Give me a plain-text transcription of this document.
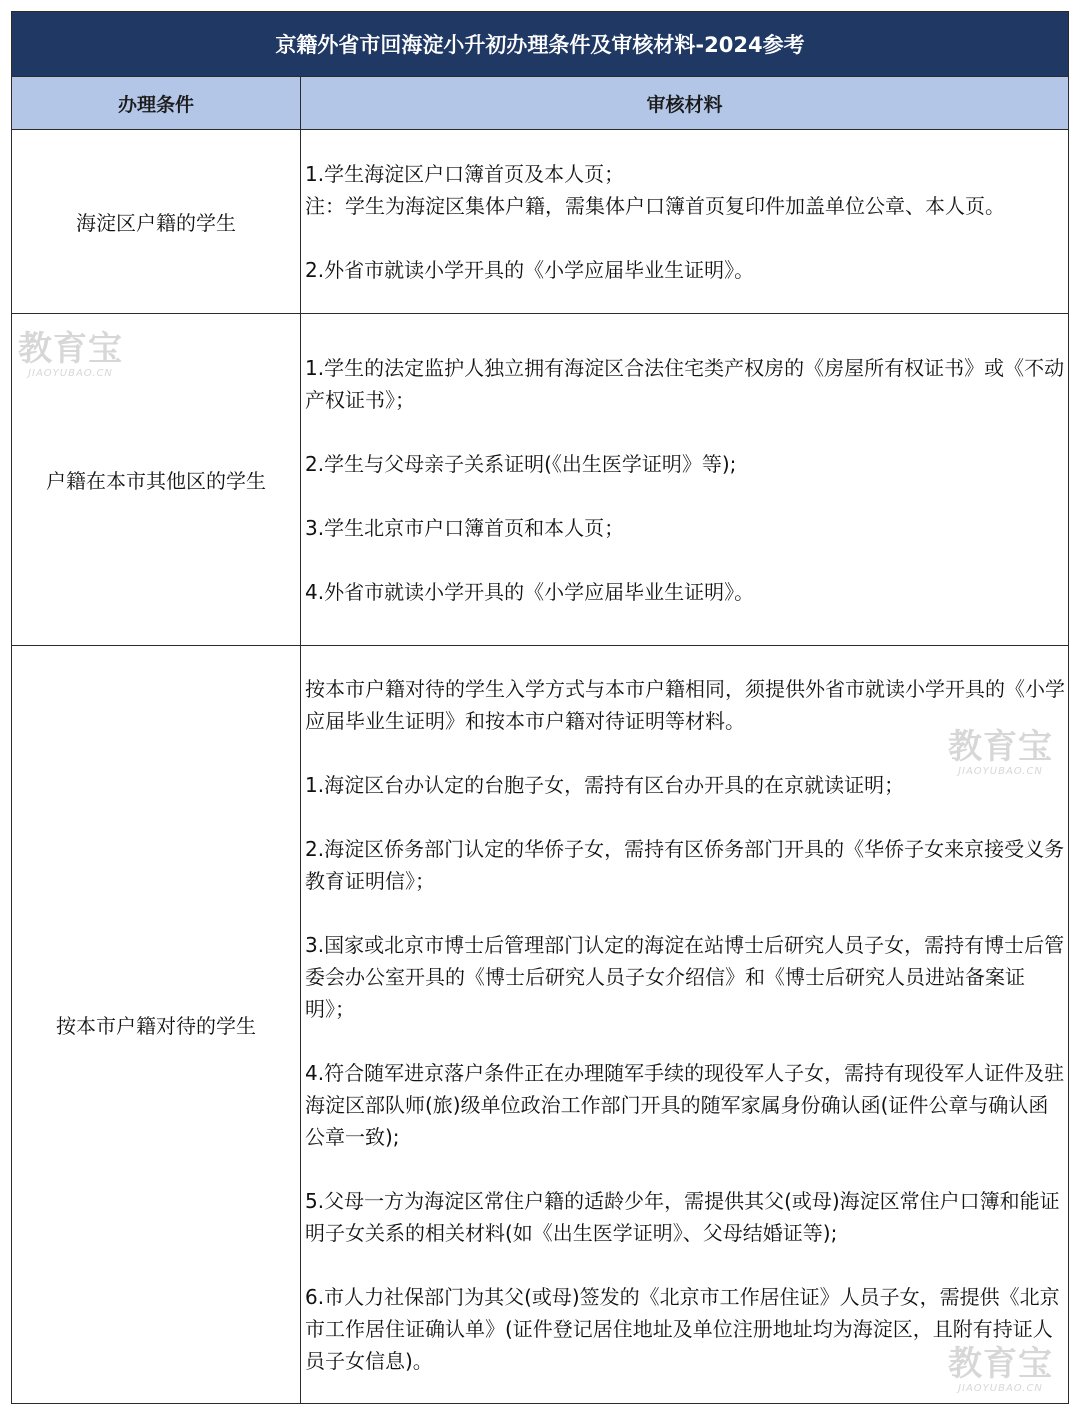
京籍外省市回海淀小升初办理条件及审核材料-2024参考
办理条件	审核材料
海淀区户籍的学生

1.学生海淀区户口簿首页及本人页；

注：学生为海淀区集体户籍，需集体户口簿首页复印件加盖单位公章、本人页。

2.外省市就读小学开具的《小学应届毕业生证明》。

户籍在本市其他区的学生

1.学生的法定监护人独立拥有海淀区合法住宅类产权房的《房屋所有权证书》或《不动产权证书》；

2.学生与父母亲子关系证明(《出生医学证明》等);

3.学生北京市户口簿首页和本人页；

4.外省市就读小学开具的《小学应届毕业生证明》。

按本市户籍对待的学生

按本市户籍对待的学生入学方式与本市户籍相同，须提供外省市就读小学开具的《小学应届毕业生证明》和按本市户籍对待证明等材料。

1.海淀区台办认定的台胞子女，需持有区台办开具的在京就读证明；

2.海淀区侨务部门认定的华侨子女，需持有区侨务部门开具的《华侨子女来京接受义务教育证明信》；

3.国家或北京市博士后管理部门认定的海淀在站博士后研究人员子女，需持有博士后管委会办公室开具的《博士后研究人员子女介绍信》和《博士后研究人员进站备案证明》；

4.符合随军进京落户条件正在办理随军手续的现役军人子女，需持有现役军人证件及驻海淀区部队师(旅)级单位政治工作部门开具的随军家属身份确认函(证件公章与确认函公章一致);

5.父母一方为海淀区常住户籍的适龄少年，需提供其父(或母)海淀区常住户口簿和能证明子女关系的相关材料(如《出生医学证明》、父母结婚证等);

6.市人力社保部门为其父(或母)签发的《北京市工作居住证》人员子女，需提供《北京市工作居住证确认单》(证件登记居住地址及单位注册地址均为海淀区，且附有持证人员子女信息)。

教育宝
JIAOYUBAO.CN
教育宝
JIAOYUBAO.CN
教育宝
JIAOYUBAO.CN
